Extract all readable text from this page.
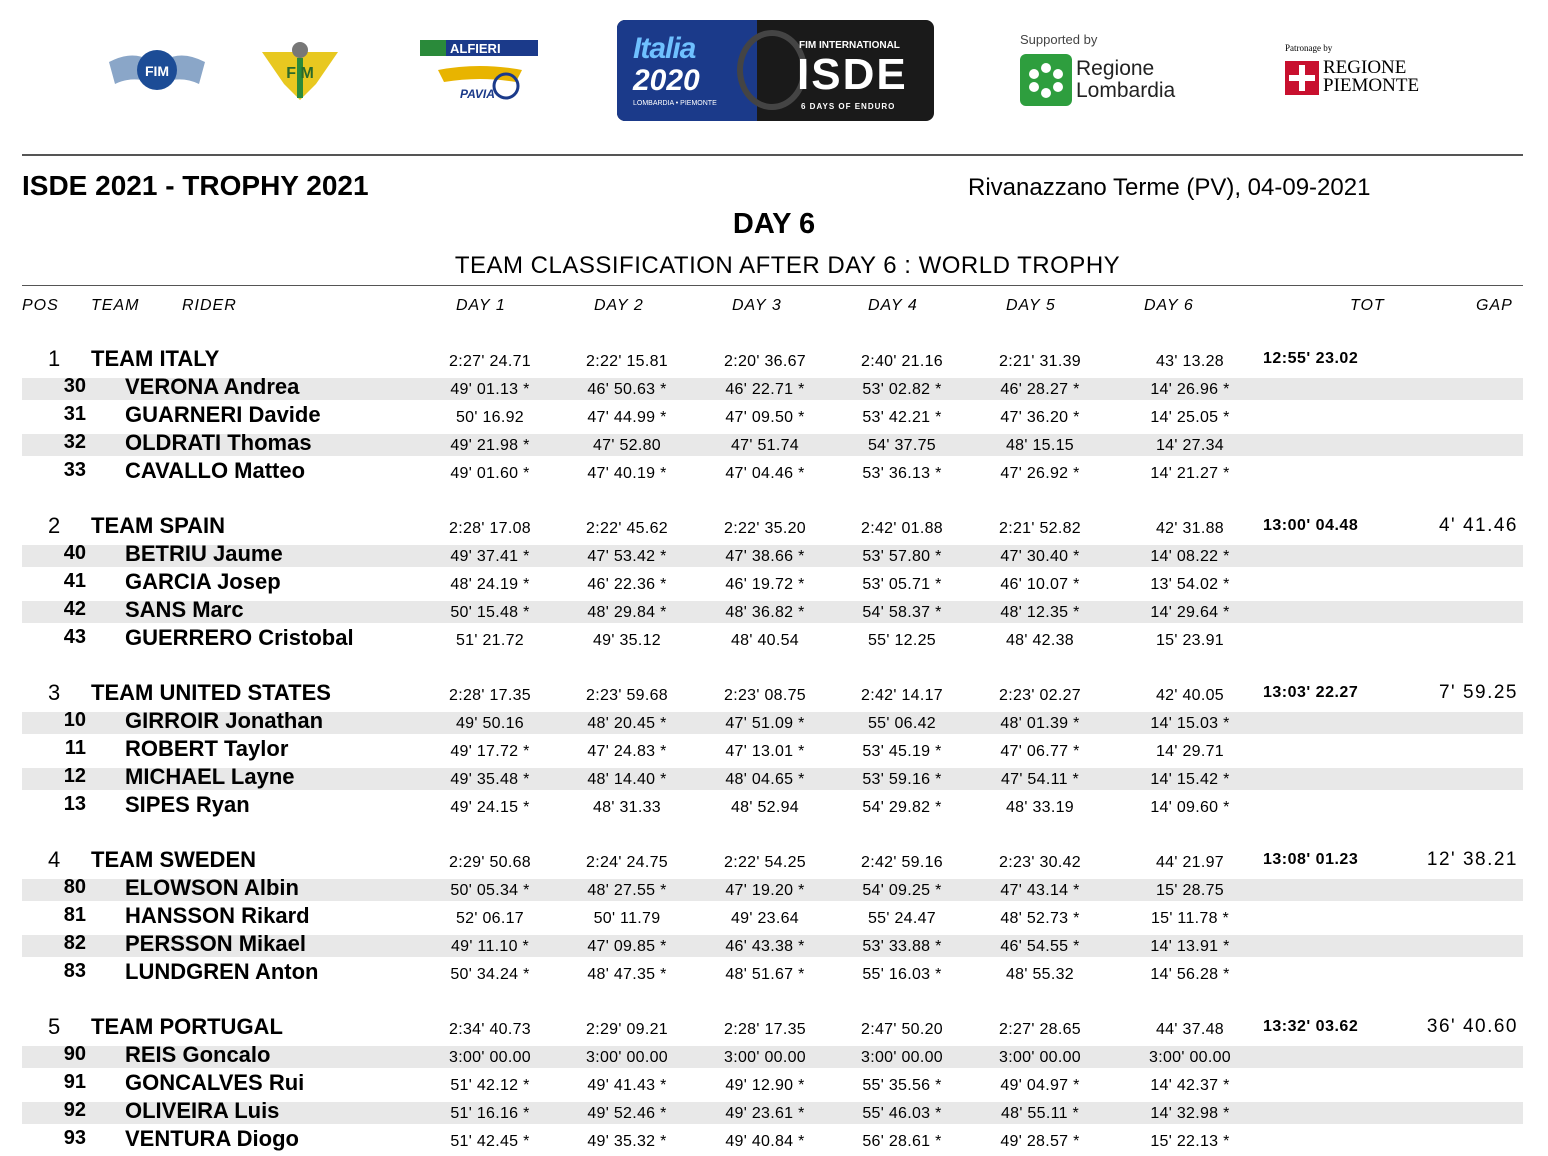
FIM	F M
ALFIERI
PAVIA
Italia
2020
LOMBARDIA • PIEMONTE
FIM INTERNATIONAL
ISDE
6 DAYS OF ENDURO
Supported by
Regione
Lombardia
Patronage by
REGIONE
PIEMONTE
ISDE 2021 - TROPHY 2021	Rivanazzano Terme (PV), 04-09-2021
DAY 6
TEAM CLASSIFICATION AFTER DAY 6 : WORLD TROPHY
POS TEAM	RIDER	DAY 1	DAY 2	DAY 3	DAY 4	DAY 5	DAY 6	TOT	GAP
1 TEAM ITALY	2:27' 24.71	2:22' 15.81	2:20' 36.67	2:40' 21.16	2:21' 31.39	43' 13.28	12:55' 23.02
30 VERONA Andrea	49' 01.13 *	46' 50.63 *	46' 22.71 *	53' 02.82 *	46' 28.27 *	14' 26.96 *
31 GUARNERI Davide	50' 16.92	47' 44.99 *	47' 09.50 *	53' 42.21 *	47' 36.20 *	14' 25.05 *
32 OLDRATI Thomas	49' 21.98 *	47' 52.80	47' 51.74	54' 37.75	48' 15.15	14' 27.34
33 CAVALLO Matteo	49' 01.60 *	47' 40.19 *	47' 04.46 *	53' 36.13 *	47' 26.92 *	14' 21.27 *
2 TEAM SPAIN	2:28' 17.08	2:22' 45.62	2:22' 35.20	2:42' 01.88	2:21' 52.82	42' 31.88	13:00' 04.48	4' 41.46
40 BETRIU Jaume	49' 37.41 *	47' 53.42 *	47' 38.66 *	53' 57.80 *	47' 30.40 *	14' 08.22 *
41 GARCIA Josep	48' 24.19 *	46' 22.36 *	46' 19.72 *	53' 05.71 *	46' 10.07 *	13' 54.02 *
42 SANS Marc	50' 15.48 *	48' 29.84 *	48' 36.82 *	54' 58.37 *	48' 12.35 *	14' 29.64 *
43 GUERRERO Cristobal	51' 21.72	49' 35.12	48' 40.54	55' 12.25	48' 42.38	15' 23.91
3 TEAM UNITED STATES	2:28' 17.35	2:23' 59.68	2:23' 08.75	2:42' 14.17	2:23' 02.27	42' 40.05	13:03' 22.27	7' 59.25
10 GIRROIR Jonathan	49' 50.16	48' 20.45 *	47' 51.09 *	55' 06.42	48' 01.39 *	14' 15.03 *
11 ROBERT Taylor	49' 17.72 *	47' 24.83 *	47' 13.01 *	53' 45.19 *	47' 06.77 *	14' 29.71
12 MICHAEL Layne	49' 35.48 *	48' 14.40 *	48' 04.65 *	53' 59.16 *	47' 54.11 *	14' 15.42 *
13 SIPES Ryan	49' 24.15 *	48' 31.33	48' 52.94	54' 29.82 *	48' 33.19	14' 09.60 *
4 TEAM SWEDEN	2:29' 50.68	2:24' 24.75	2:22' 54.25	2:42' 59.16	2:23' 30.42	44' 21.97	13:08' 01.23	12' 38.21
80 ELOWSON Albin	50' 05.34 *	48' 27.55 *	47' 19.20 *	54' 09.25 *	47' 43.14 *	15' 28.75
81 HANSSON Rikard	52' 06.17	50' 11.79	49' 23.64	55' 24.47	48' 52.73 *	15' 11.78 *
82 PERSSON Mikael	49' 11.10 *	47' 09.85 *	46' 43.38 *	53' 33.88 *	46' 54.55 *	14' 13.91 *
83 LUNDGREN Anton	50' 34.24 *	48' 47.35 *	48' 51.67 *	55' 16.03 *	48' 55.32	14' 56.28 *
5 TEAM PORTUGAL	2:34' 40.73	2:29' 09.21	2:28' 17.35	2:47' 50.20	2:27' 28.65	44' 37.48	13:32' 03.62	36' 40.60
90 REIS Goncalo	3:00' 00.00	3:00' 00.00	3:00' 00.00	3:00' 00.00	3:00' 00.00	3:00' 00.00
91 GONCALVES Rui	51' 42.12 *	49' 41.43 *	49' 12.90 *	55' 35.56 *	49' 04.97 *	14' 42.37 *
92 OLIVEIRA Luis	51' 16.16 *	49' 52.46 *	49' 23.61 *	55' 46.03 *	48' 55.11 *	14' 32.98 *
93 VENTURA Diogo	51' 42.45 *	49' 35.32 *	49' 40.84 *	56' 28.61 *	49' 28.57 *	15' 22.13 *
